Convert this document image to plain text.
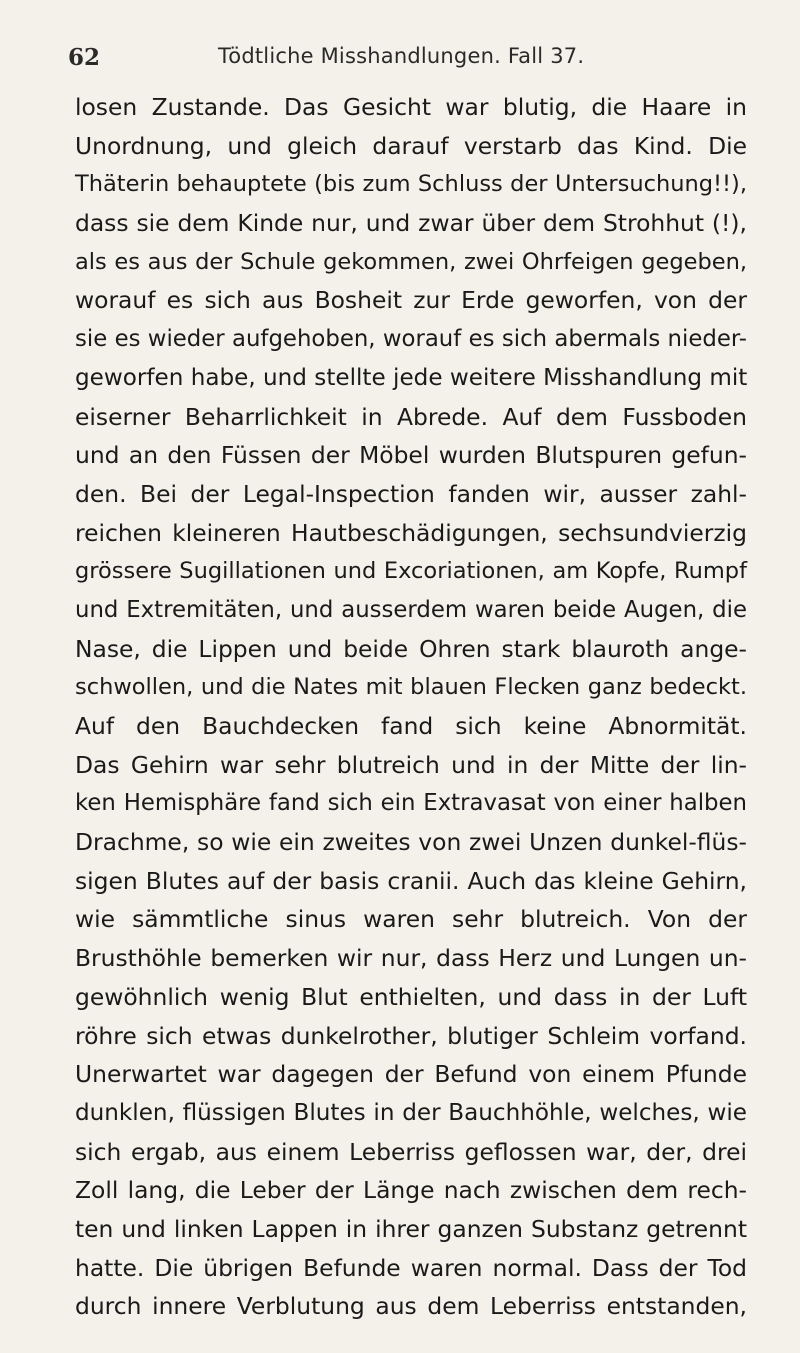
62	Tödtliche Misshandlungen. Fall 37.
losen Zustande. Das Gesicht war blutig, die Haare in
Unordnung, und gleich darauf verstarb das Kind. Die
Thäterin behauptete (bis zum Schluss der Untersuchung!!),
dass sie dem Kinde nur, und zwar über dem Strohhut (!),
als es aus der Schule gekommen, zwei Ohrfeigen gegeben,
worauf es sich aus Bosheit zur Erde geworfen, von der
sie es wieder aufgehoben, worauf es sich abermals nieder-
geworfen habe, und stellte jede weitere Misshandlung mit
eiserner Beharrlichkeit in Abrede. Auf dem Fussboden
und an den Füssen der Möbel wurden Blutspuren gefun-
den. Bei der Legal-Inspection fanden wir, ausser zahl-
reichen kleineren Hautbeschädigungen, sechsundvierzig
grössere Sugillationen und Excoriationen, am Kopfe, Rumpf
und Extremitäten, und ausserdem waren beide Augen, die
Nase, die Lippen und beide Ohren stark blauroth ange-
schwollen, und die Nates mit blauen Flecken ganz bedeckt.
Auf den Bauchdecken fand sich keine Abnormität.
Das Gehirn war sehr blutreich und in der Mitte der lin-
ken Hemisphäre fand sich ein Extravasat von einer halben
Drachme, so wie ein zweites von zwei Unzen dunkel-flüs-
sigen Blutes auf der basis cranii. Auch das kleine Gehirn,
wie sämmtliche sinus waren sehr blutreich. Von der
Brusthöhle bemerken wir nur, dass Herz und Lungen un-
gewöhnlich wenig Blut enthielten, und dass in der Luft
röhre sich etwas dunkelrother, blutiger Schleim vorfand.
Unerwartet war dagegen der Befund von einem Pfunde
dunklen, flüssigen Blutes in der Bauchhöhle, welches, wie
sich ergab, aus einem Leberriss geflossen war, der, drei
Zoll lang, die Leber der Länge nach zwischen dem rech-
ten und linken Lappen in ihrer ganzen Substanz getrennt
hatte. Die übrigen Befunde waren normal. Dass der Tod
durch innere Verblutung aus dem Leberriss entstanden,
